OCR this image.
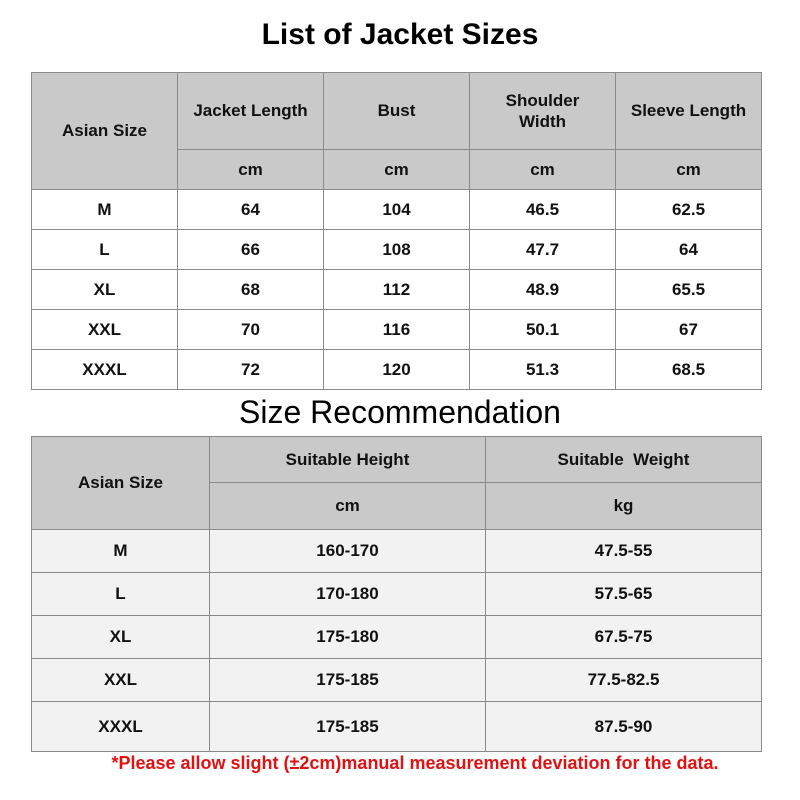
List of Jacket Sizes
Asian Size	Jacket Length	Bust	Shoulder Width	Sleeve Length
	cm	cm	cm	cm
M	64	104	46.5	62.5
L	66	108	47.7	64
XL	68	112	48.9	65.5
XXL	70	116	50.1	67
XXXL	72	120	51.3	68.5
Size Recommendation
Asian Size	Suitable Height	Suitable  Weight
	cm	kg
M	160-170	47.5-55
L	170-180	57.5-65
XL	175-180	67.5-75
XXL	175-185	77.5-82.5
XXXL	175-185	87.5-90
*Please allow slight (±2cm)manual measurement deviation for the data.
